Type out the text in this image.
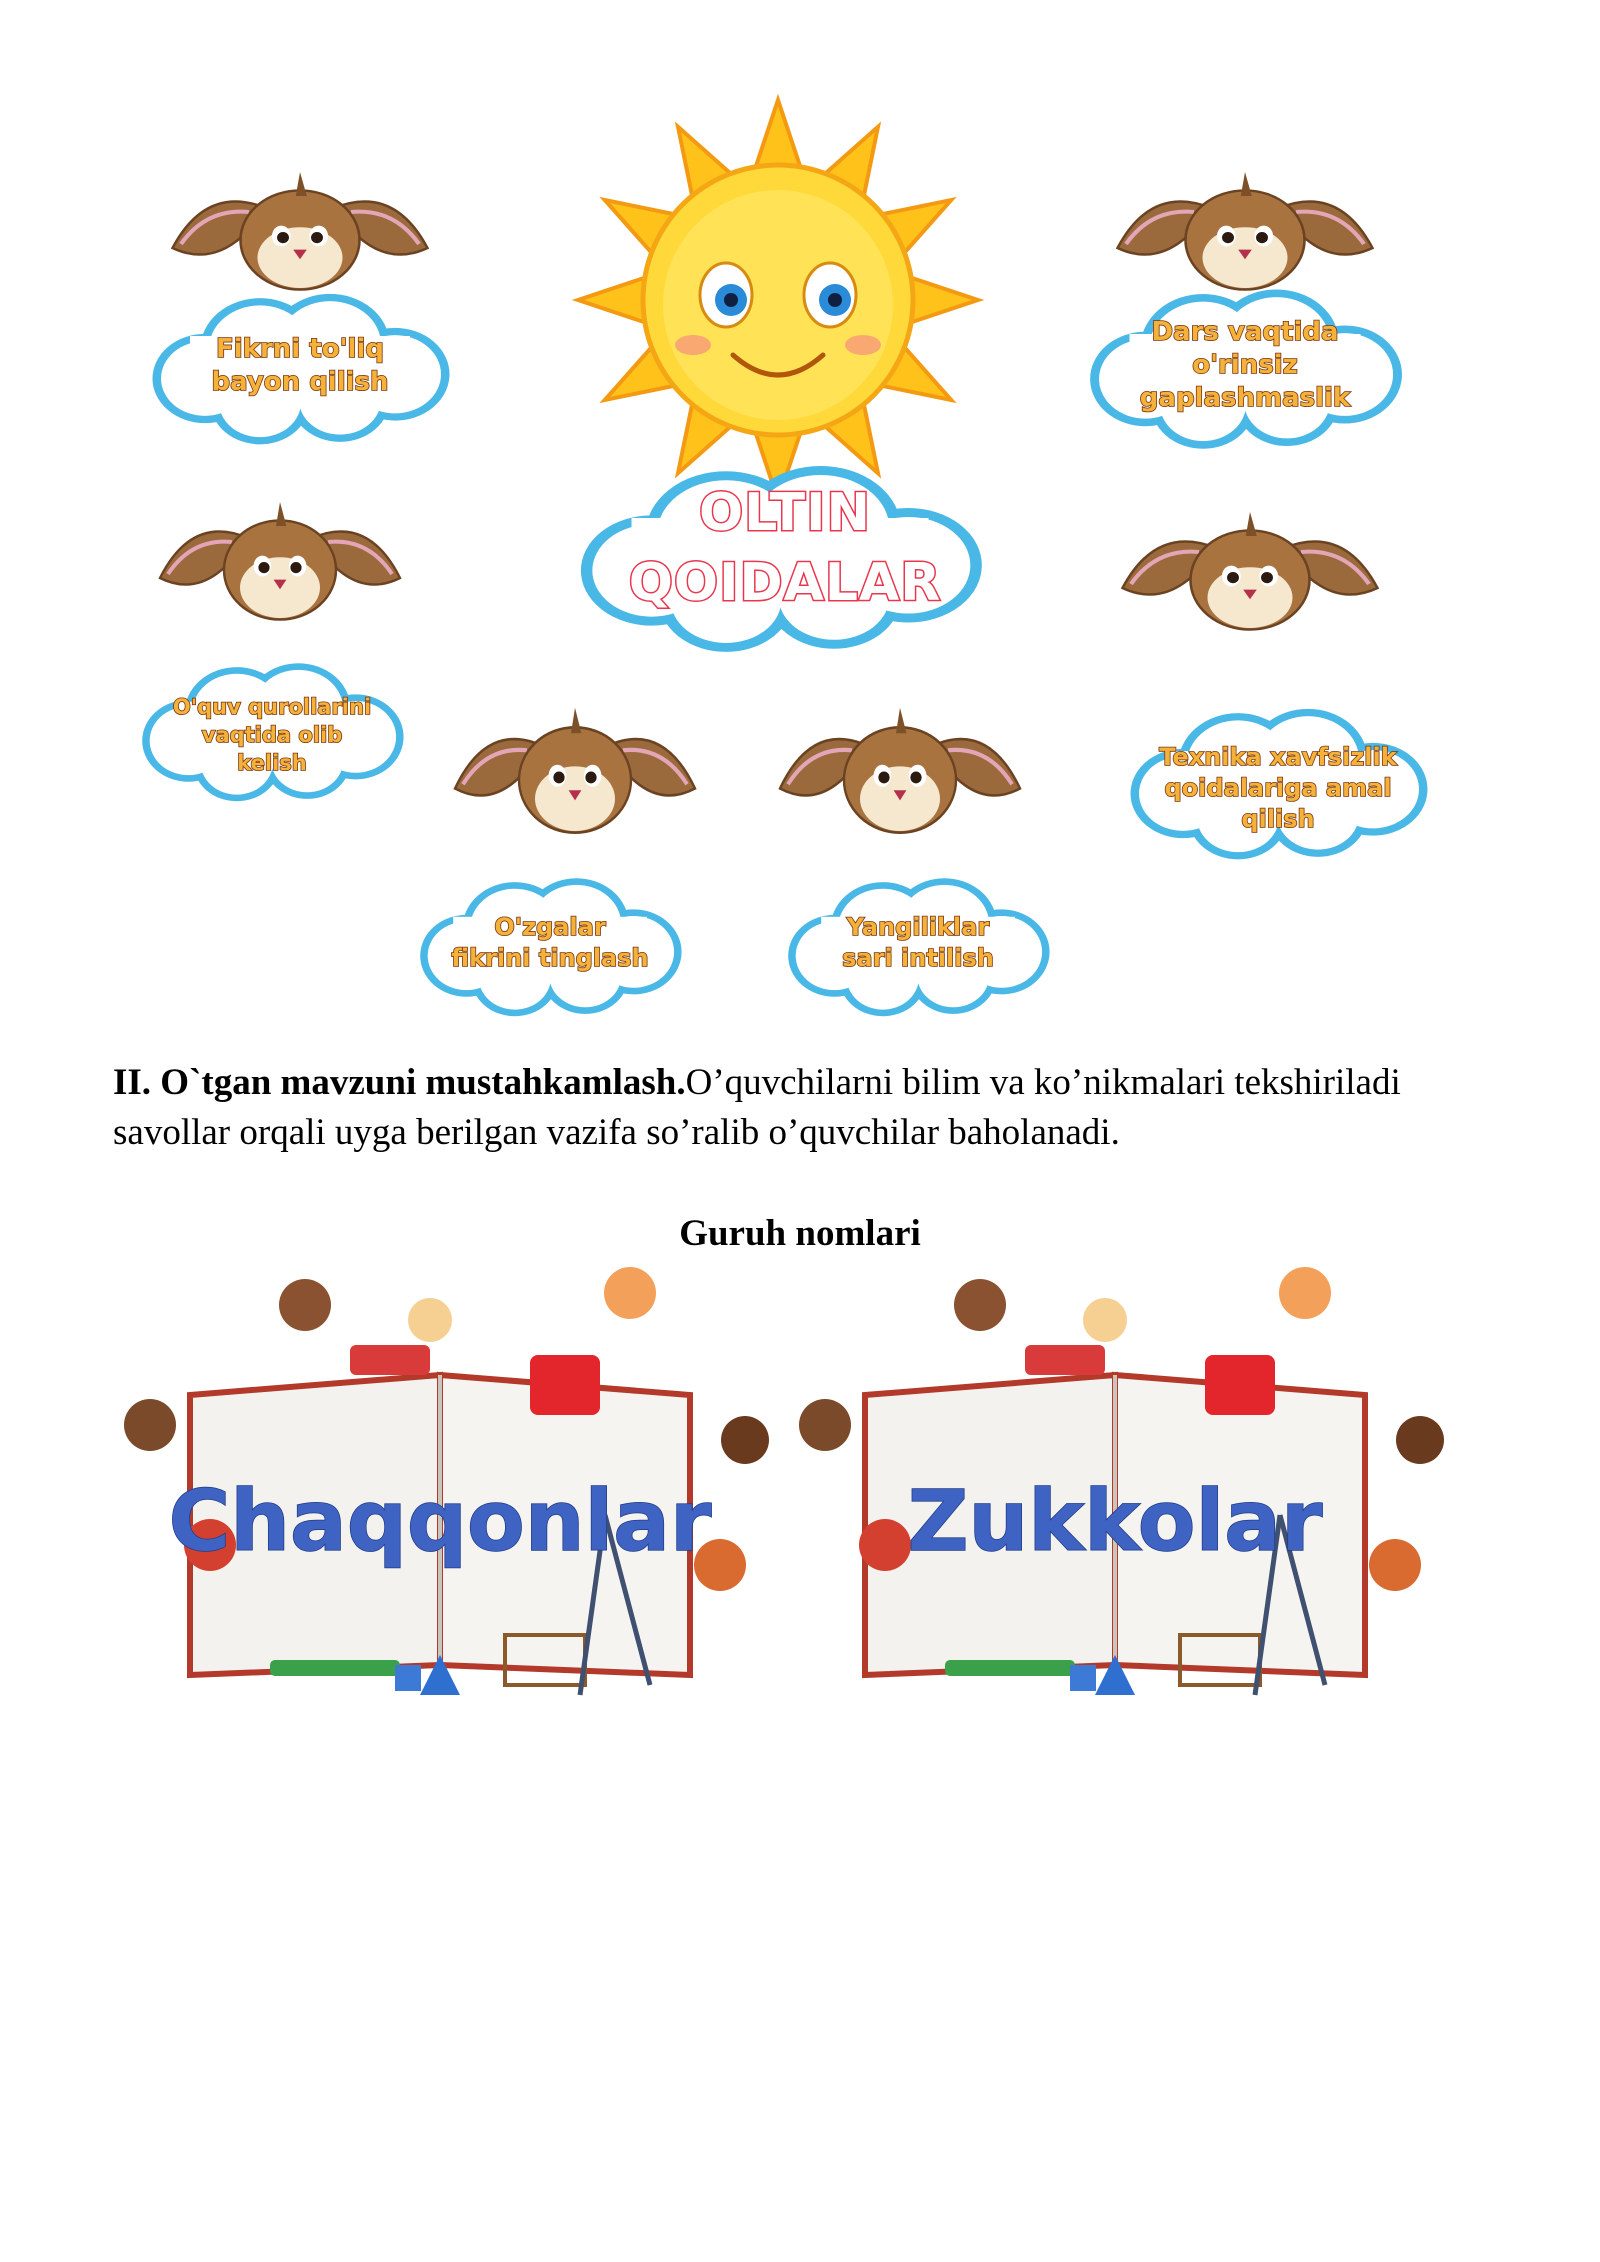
OLTIN
QOIDALAR
Fikrni to'liq
bayon qilish
Dars vaqtida
o'rinsiz
gaplashmaslik
O'quv qurollarini
vaqtida olib
kelish	Texnika xavfsizlik
qoidalariga amal
qilish
O'zgalar
fikrini tinglash
Yangiliklar
sari intilish
II. O`tgan mavzuni mustahkamlash.O’quvchilarni bilim va ko’nikmalari tekshiriladi savollar orqali uyga berilgan vazifa so’ralib o’quvchilar baholanadi.
Guruh nomlari
Chaqqonlar Zukkolar
